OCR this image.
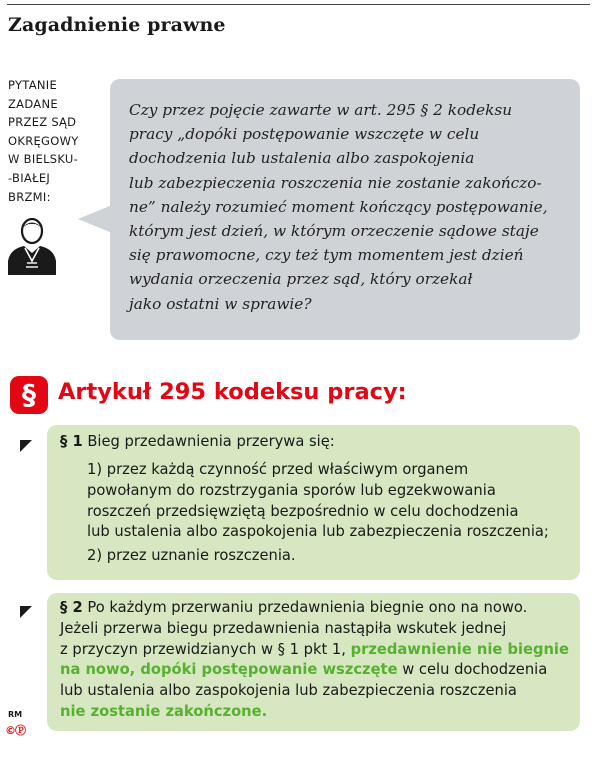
Zagadnienie prawne
PYTANIE
ZADANE
PRZEZ SĄD
OKRĘGOWY
W BIELSKU-
-BIAŁEJ
BRZMI:
Czy przez pojęcie zawarte w art. 295 § 2 kodeksu
pracy „dopóki postępowanie wszczęte w celu
dochodzenia lub ustalenia albo zaspokojenia
lub zabezpieczenia roszczenia nie zostanie zakończo-
ne” należy rozumieć moment kończący postępowanie,
którym jest dzień, w którym orzeczenie sądowe staje
się prawomocne, czy też tym momentem jest dzień
wydania orzeczenia przez sąd, który orzekał
jako ostatni w sprawie?
§ Artykuł 295 kodeksu pracy:
§ 1 Bieg przedawnienia przerywa się:
1) przez każdą czynność przed właściwym organem
powołanym do rozstrzygania sporów lub egzekwowania
roszczeń przedsięwziętą bezpośrednio w celu dochodzenia
lub ustalenia albo zaspokojenia lub zabezpieczenia roszczenia;
2) przez uznanie roszczenia.
§ 2 Po każdym przerwaniu przedawnienia biegnie ono na nowo.
Jeżeli przerwa biegu przedawnienia nastąpiła wskutek jednej
z przyczyn przewidzianych w § 1 pkt 1, przedawnienie nie biegnie
na nowo, dopóki postępowanie wszczęte w celu dochodzenia
lub ustalenia albo zaspokojenia lub zabezpieczenia roszczenia
nie zostanie zakończone.
RM
©Ⓟ
